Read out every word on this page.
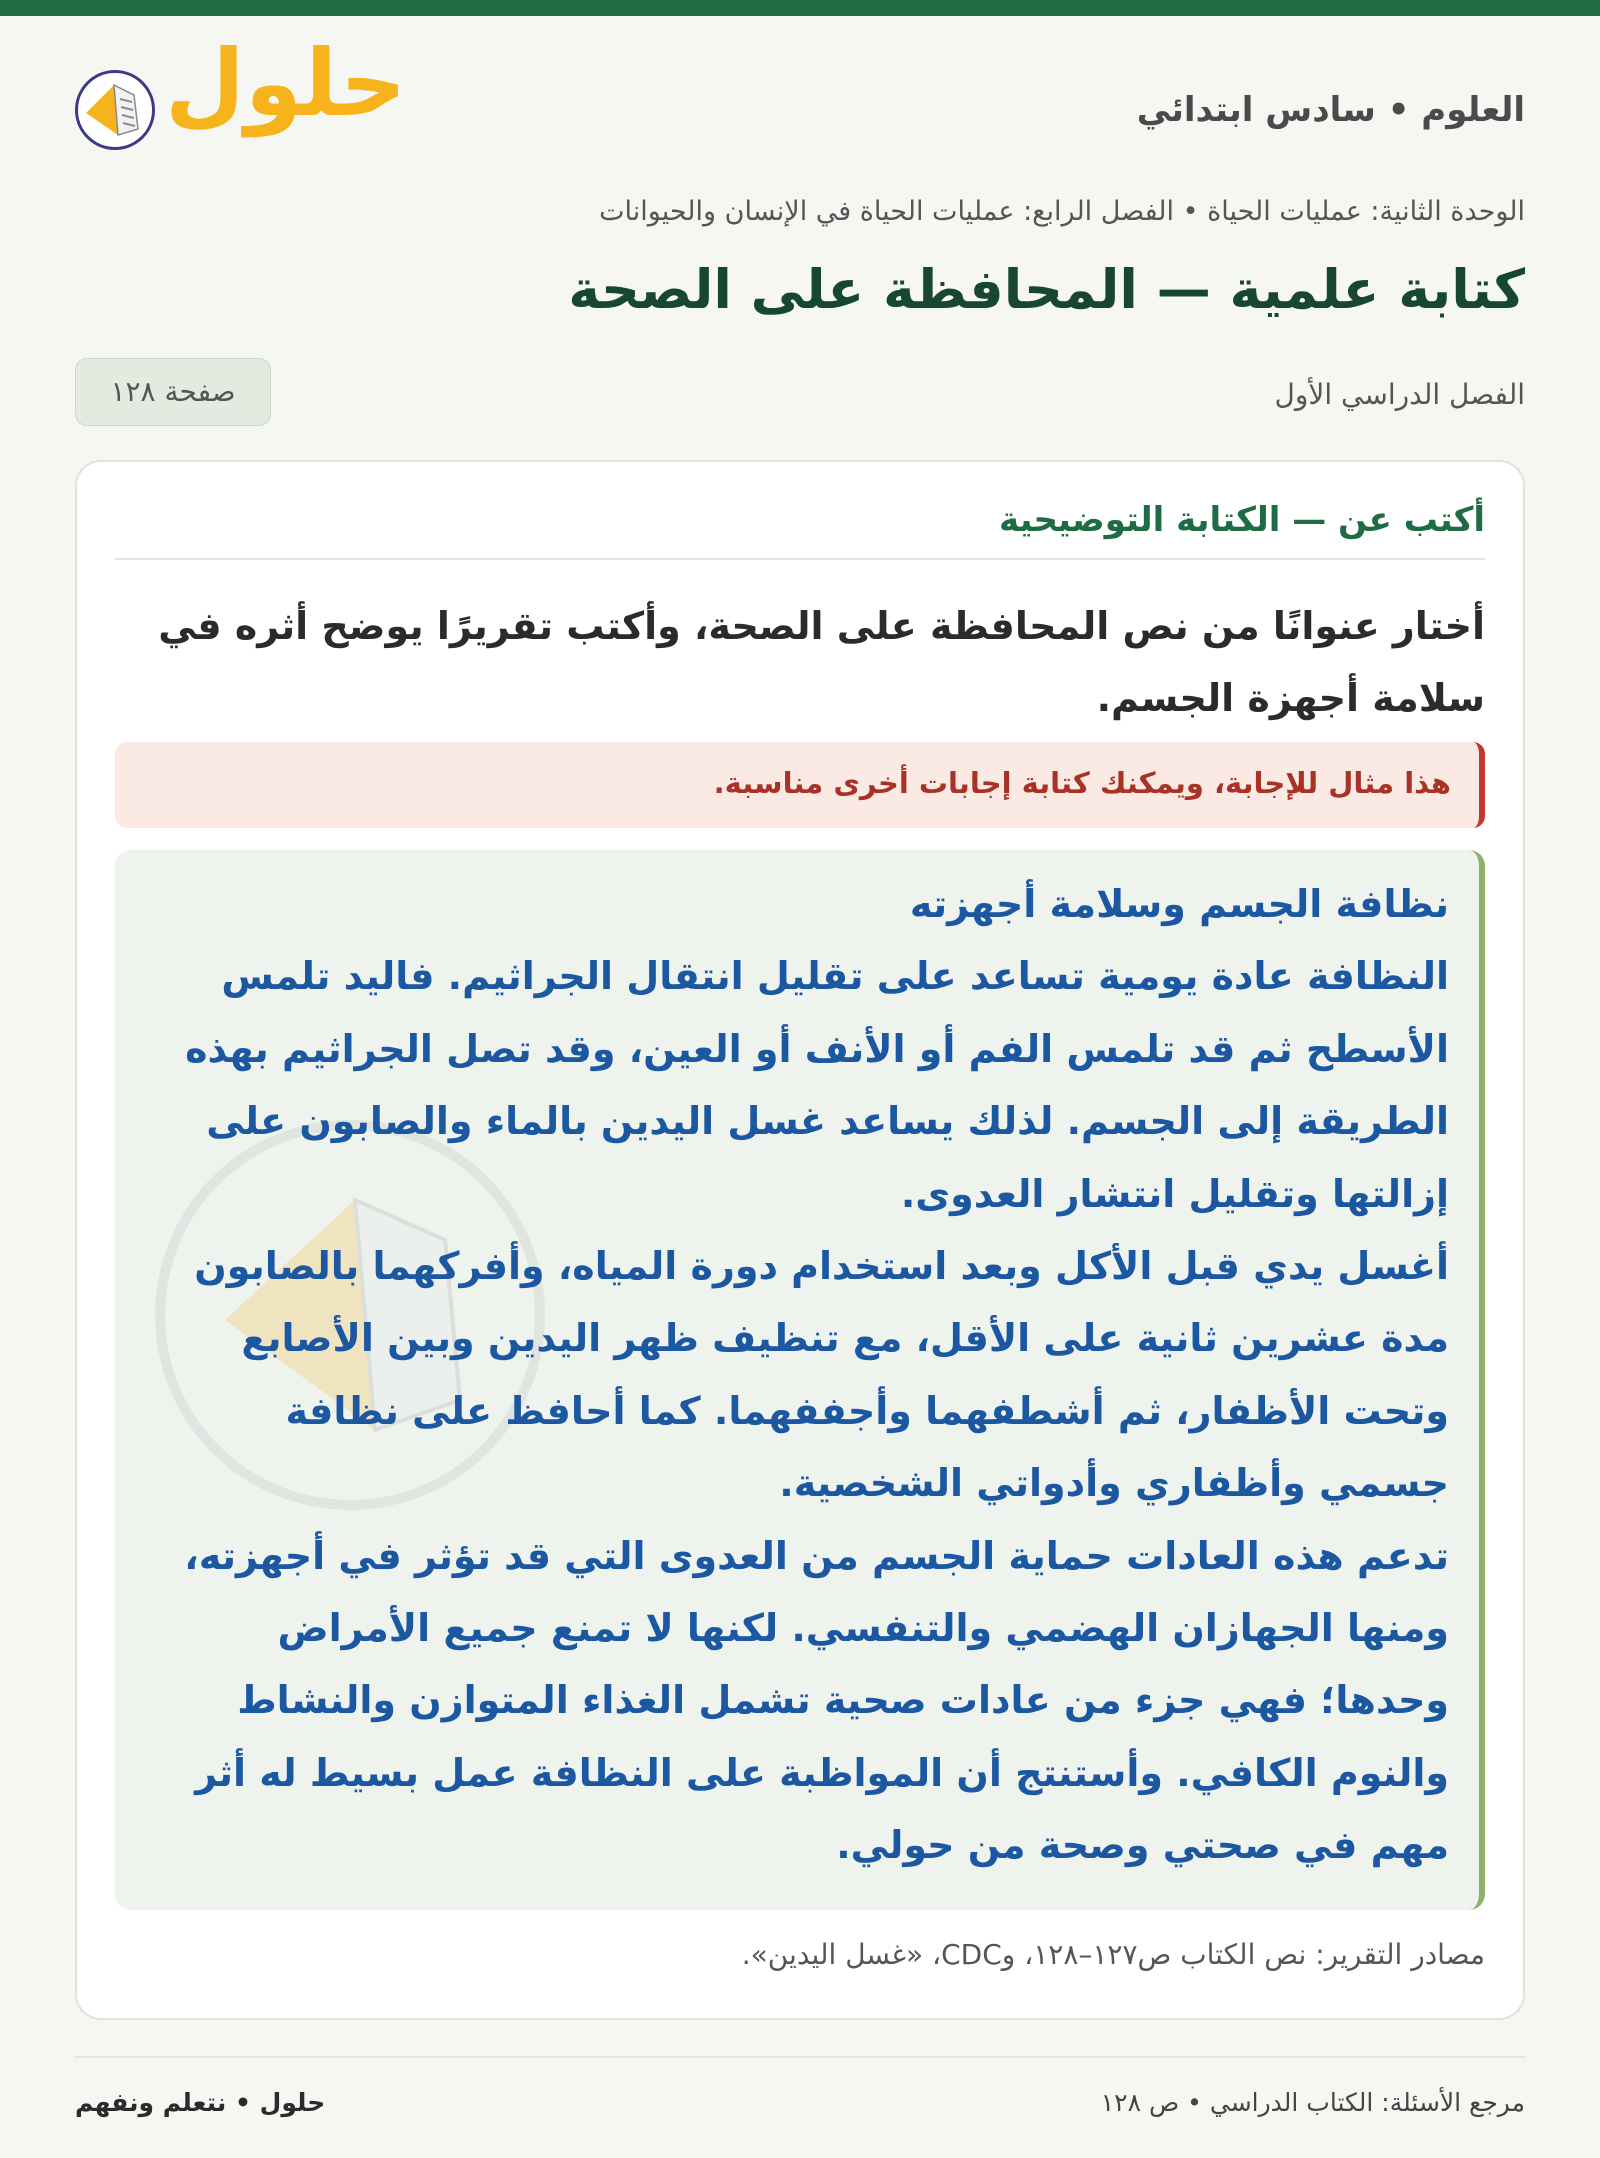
حلول	العلوم • سادس ابتدائي
الوحدة الثانية: عمليات الحياة • الفصل الرابع: عمليات الحياة في الإنسان والحيوانات
كتابة علمية — المحافظة على الصحة
الفصل الدراسي الأول
صفحة ١٢٨
أكتب عن — الكتابة التوضيحية
أختار عنوانًا من نص المحافظة على الصحة، وأكتب تقريرًا يوضح أثره في سلامة أجهزة الجسم.
هذا مثال للإجابة، ويمكنك كتابة إجابات أخرى مناسبة.

نظافة الجسم وسلامة أجهزته

النظافة عادة يومية تساعد على تقليل انتقال الجراثيم. فاليد تلمس الأسطح ثم قد تلمس الفم أو الأنف أو العين، وقد تصل الجراثيم بهذه الطريقة إلى الجسم. لذلك يساعد غسل اليدين بالماء والصابون على إزالتها وتقليل انتشار العدوى.

أغسل يدي قبل الأكل وبعد استخدام دورة المياه، وأفركهما بالصابون مدة عشرين ثانية على الأقل، مع تنظيف ظهر اليدين وبين الأصابع وتحت الأظفار، ثم أشطفهما وأجففهما. كما أحافظ على نظافة جسمي وأظفاري وأدواتي الشخصية.

تدعم هذه العادات حماية الجسم من العدوى التي قد تؤثر في أجهزته، ومنها الجهازان الهضمي والتنفسي. لكنها لا تمنع جميع الأمراض وحدها؛ فهي جزء من عادات صحية تشمل الغذاء المتوازن والنشاط والنوم الكافي. وأستنتج أن المواظبة على النظافة عمل بسيط له أثر مهم في صحتي وصحة من حولي.

مصادر التقرير: نص الكتاب ص١٢٧–١٢٨، وCDC، «غسل اليدين».
مرجع الأسئلة: الكتاب الدراسي • ص ١٢٨
حلول • نتعلم ونفهم
